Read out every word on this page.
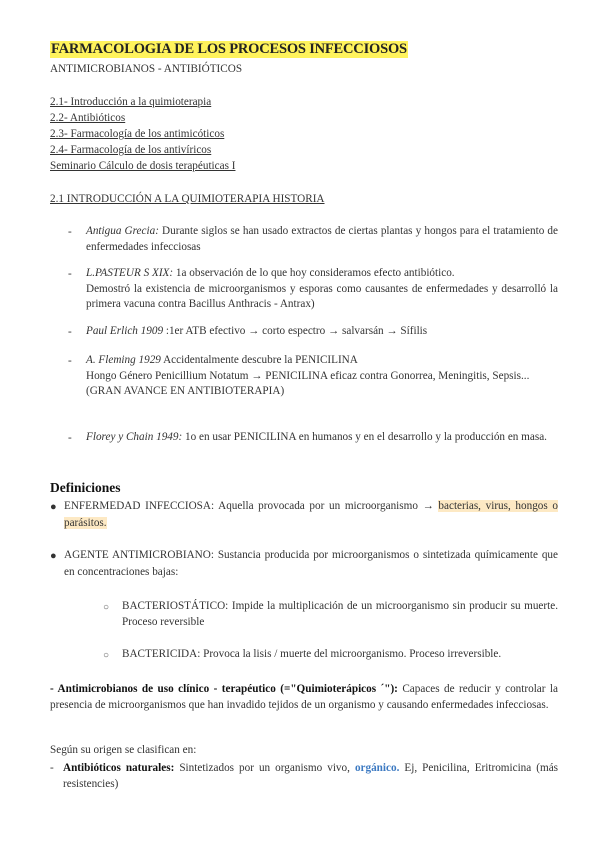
FARMACOLOGIA DE LOS PROCESOS INFECCIOSOS
ANTIMICROBIANOS - ANTIBIÓTICOS
2.1- Introducción a la quimioterapia
2.2- Antibióticos
2.3- Farmacología de los antimicóticos
2.4- Farmacología de los antivíricos
Seminario Cálculo de dosis terapéuticas I
2.1 INTRODUCCIÓN A LA QUIMIOTERAPIA HISTORIA
- Antigua Grecia: Durante siglos se han usado extractos de ciertas plantas y hongos para el tratamiento de enfermedades infecciosas
- L.PASTEUR S XIX: 1a observación de lo que hoy consideramos efecto antibiótico.
Demostró la existencia de microorganismos y esporas como causantes de enfermedades y desarrolló la primera vacuna contra Bacillus Anthracis - Antrax)
- Paul Erlich 1909 :1er ATB efectivo → corto espectro → salvarsán → Sífilis
- A. Fleming 1929 Accidentalmente descubre la PENICILINA
Hongo Género Penicillium Notatum → PENICILINA eficaz contra Gonorrea, Meningitis, Sepsis...
(GRAN AVANCE EN ANTIBIOTERAPIA)
- Florey y Chain 1949: 1o en usar PENICILINA en humanos y en el desarrollo y la producción en masa.
Definiciones
● ENFERMEDAD INFECCIOSA: Aquella provocada por un microorganismo → bacterias, virus, hongos o parásitos.
● AGENTE ANTIMICROBIANO: Sustancia producida por microorganismos o sintetizada químicamente que en concentraciones bajas:
○ BACTERIOSTÁTICO: Impide la multiplicación de un microorganismo sin producir su muerte. Proceso reversible
○ BACTERICIDA: Provoca la lisis / muerte del microorganismo. Proceso irreversible.
- Antimicrobianos de uso clínico - terapéutico (="Quimioterápicos ´"): Capaces de reducir y controlar la presencia de microorganismos que han invadido tejidos de un organismo y causando enfermedades infecciosas.
Según su origen se clasifican en:
- Antibióticos naturales: Sintetizados por un organismo vivo, orgánico. Ej, Penicilina, Eritromicina (más resistencies)
